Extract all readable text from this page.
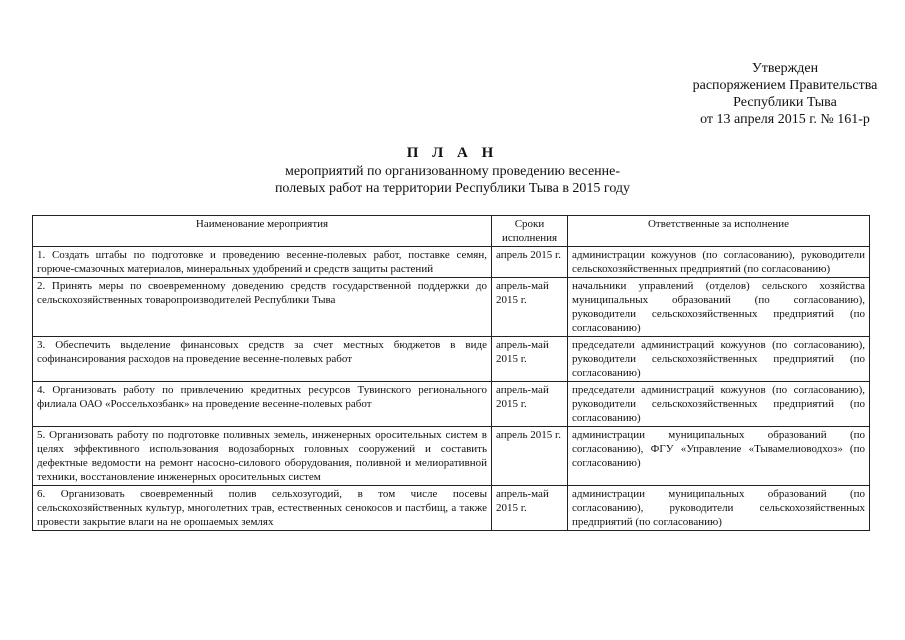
Утвержден
распоряжением Правительства
Республики Тыва
от 13 апреля 2015 г. № 161-р
П Л А Н
мероприятий по организованному проведению весенне-
полевых работ на территории Республики Тыва в 2015 году
Наименование мероприятия	Сроки исполнения	Ответственные за исполнение
1. Создать штабы по подготовке и проведению весенне-полевых работ, поставке семян, горюче-смазочных материалов, минеральных удобрений и средств защиты растений	апрель 2015 г.	администрации кожуунов (по согласованию), руководители сельскохозяйственных предприятий (по согласованию)
2. Принять меры по своевременному доведению средств государственной поддержки до сельскохозяйственных товаропроизводителей Республики Тыва	апрель-май 2015 г.	начальники управлений (отделов) сельского хозяйства муниципальных образований (по согласованию), руководители сельскохозяйственных предприятий (по согласованию)
3. Обеспечить выделение финансовых средств за счет местных бюджетов в виде софинансирования расходов на проведение весенне-полевых работ	апрель-май 2015 г.	председатели администраций кожуунов (по согласованию), руководители сельскохозяйственных предприятий (по согласованию)
4. Организовать работу по привлечению кредитных ресурсов Тувинского регионального филиала ОАО «Россельхозбанк» на проведение весенне-полевых работ	апрель-май 2015 г.	председатели администраций кожуунов (по согласованию), руководители сельскохозяйственных предприятий (по согласованию)
5. Организовать работу по подготовке поливных земель, инженерных оросительных систем в целях эффективного использования водозаборных головных сооружений и составить дефектные ведомости на ремонт насосно-силового оборудования, поливной и мелиоративной техники, восстановление инженерных оросительных систем	апрель 2015 г.	администрации муниципальных образований (по согласованию), ФГУ «Управление «Тывамелиоводхоз» (по согласованию)
6. Организовать своевременный полив сельхозугодий, в том числе посевы сельскохозяйственных культур, многолетних трав, естественных сенокосов и пастбищ, а также провести закрытие влаги на не орошаемых землях	апрель-май 2015 г.	администрации муниципальных образований (по согласованию), руководители сельскохозяйственных предприятий (по согласованию)
